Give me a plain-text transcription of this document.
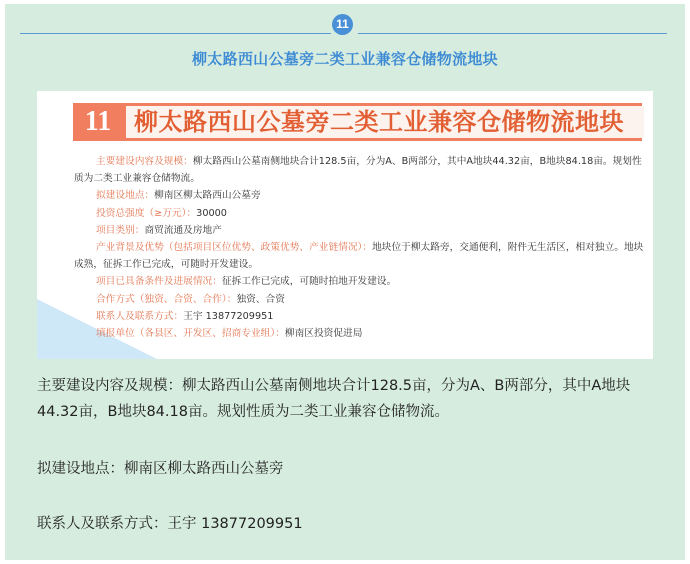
11
柳太路西山公墓旁二类工业兼容仓储物流地块
11 柳太路西山公墓旁二类工业兼容仓储物流地块
主要建设内容及规模：柳太路西山公墓南侧地块合计128.5亩，分为A、B两部分，其中A地块44.32亩，B地块84.18亩。规划性质为二类工业兼容仓储物流。
拟建设地点：柳南区柳太路西山公墓旁
投资总强度（≥万元）：30000
项目类别：商贸流通及房地产
产业背景及优势（包括项目区位优势、政策优势、产业链情况）：地块位于柳太路旁，交通便利，附件无生活区，相对独立。地块成熟，征拆工作已完成，可随时开发建设。
项目已具备条件及进展情况：征拆工作已完成，可随时拍地开发建设。
合作方式（独资、合资、合作）：独资、合资
联系人及联系方式：王宇 13877209951
填报单位（各县区、开发区、招商专业组）：柳南区投资促进局
主要建设内容及规模：柳太路西山公墓南侧地块合计128.5亩，分为A、B两部分，其中A地块44.32亩，B地块84.18亩。规划性质为二类工业兼容仓储物流。
拟建设地点：柳南区柳太路西山公墓旁
联系人及联系方式：王宇 13877209951
